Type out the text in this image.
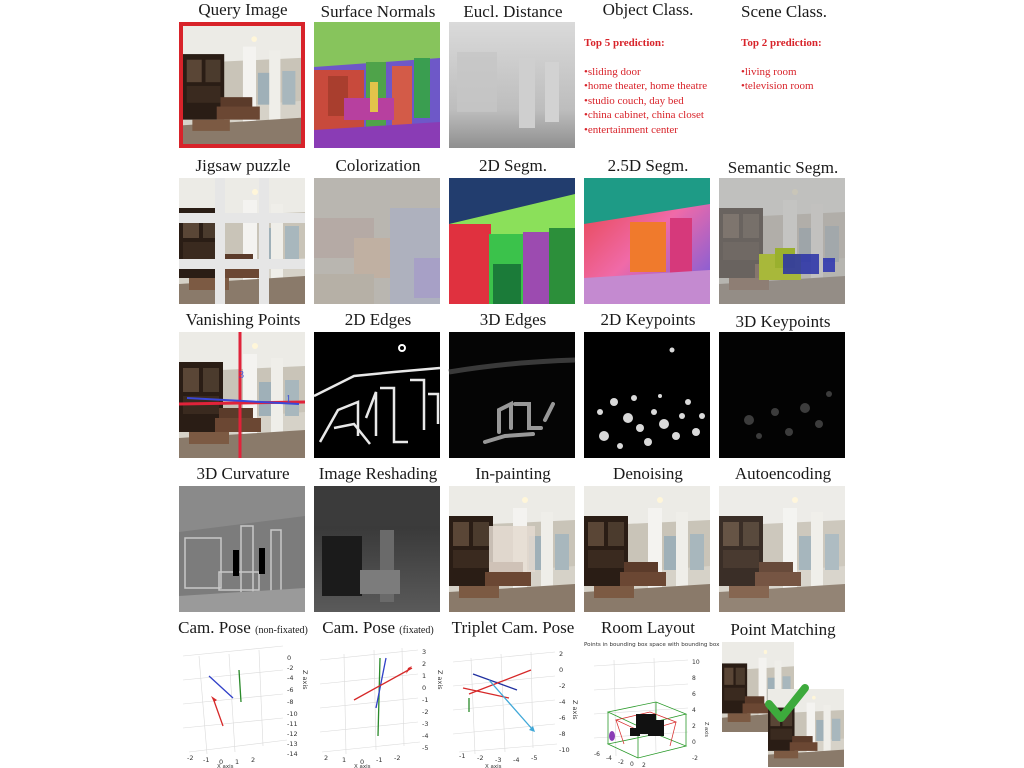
Query Image	Surface Normals	Eucl. Distance	Object Class.
Top 5 prediction:
• sliding door
• home theater, home theatre
• studio couch, day bed
• china cabinet, china closet
• entertainment center
Scene Class.
Top 2 prediction:
• living room
• television room
Jigsaw puzzle	Colorization	2D Segm.	2.5D Segm.	Semantic Segm.
Vanishing Points
3
1
2D Edges	3D Edges	2D Keypoints	3D Keypoints
3D Curvature	Image Reshading	In-painting	Denoising	Autoencoding
Cam. Pose (non-fixated)
0
-2
-4
-6
-8
-10
-11
-12
-13
-14
Z axis
-2 -1 0 1 2
X axis
Cam. Pose (fixated)
3
2
1
0
-1
-2
-3
-4
-5
Z axis
2 1 0 -1 -2
X axis
Triplet Cam. Pose
2
0
-2
-4
-6
-8
-10
Z axis
-1 -2 -3 -4 -5
X axis
Room Layout
Points in bounding box space with bounding box
10
8
6
4
2
0
-2
Z axis
-6
-4
-2 0 2
Point Matching
